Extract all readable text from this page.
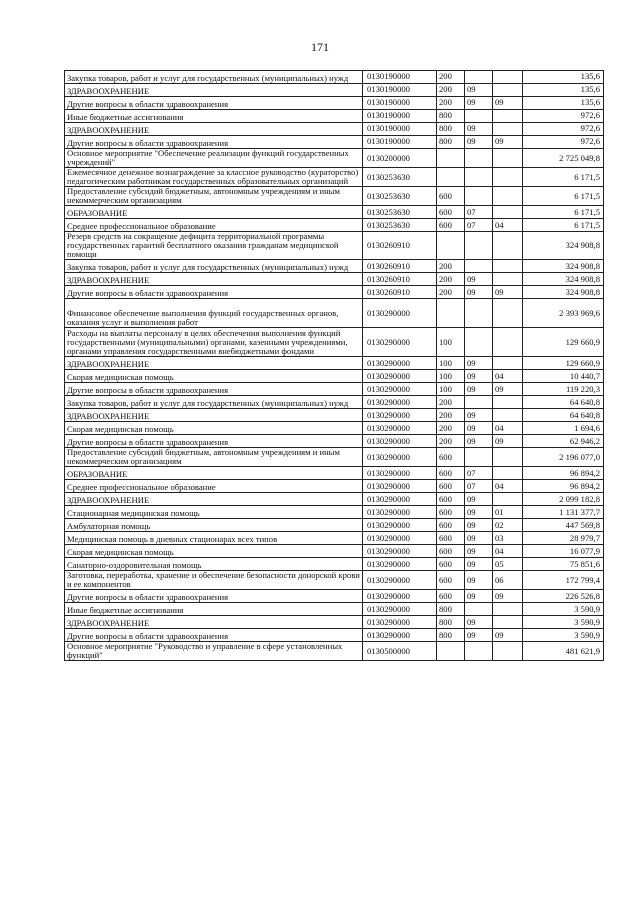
171
Закупка товаров, работ и услуг для государственных (муниципальных) нужд	0130190000	200			135,6
ЗДРАВООХРАНЕНИЕ	0130190000	200	09		135,6
Другие вопросы в области здравоохранения	0130190000	200	09	09	135,6
Иные бюджетные ассигнования	0130190000	800			972,6
ЗДРАВООХРАНЕНИЕ	0130190000	800	09		972,6
Другие вопросы в области здравоохранения	0130190000	800	09	09	972,6
Основное мероприятие "Обеспечение реализации функций государственных учреждений"	0130200000				2 725 049,8
Ежемесячное денежное вознаграждение за классное руководство (кураторство) педагогическим работникам государственных образовательных организаций	0130253630				6 171,5
Предоставление субсидий бюджетным, автономным учреждениям и иным некоммерческим организациям	0130253630	600			6 171,5
ОБРАЗОВАНИЕ	0130253630	600	07		6 171,5
Среднее профессиональное образование	0130253630	600	07	04	6 171,5
Резерв средств на сокращение дефицита территориальной программы государственных гарантий бесплатного оказания гражданам медицинской помощи	0130260910				324 908,8
Закупка товаров, работ и услуг для государственных (муниципальных) нужд	0130260910	200			324 908,8
ЗДРАВООХРАНЕНИЕ	0130260910	200	09		324 908,8
Другие вопросы в области здравоохранения	0130260910	200	09	09	324 908,8
Финансовое обеспечение выполнения функций государственных органов, оказания услуг и выполнения работ	0130290000				2 393 969,6
Расходы на выплаты персоналу в целях обеспечения выполнения функций государственными (муниципальными) органами, казенными учреждениями, органами управления государственными внебюджетными фондами	0130290000	100			129 660,9
ЗДРАВООХРАНЕНИЕ	0130290000	100	09		129 660,9
Скорая медицинская помощь	0130290000	100	09	04	10 440,7
Другие вопросы в области здравоохранения	0130290000	100	09	09	119 220,3
Закупка товаров, работ и услуг для государственных (муниципальных) нужд	0130290000	200			64 640,8
ЗДРАВООХРАНЕНИЕ	0130290000	200	09		64 640,8
Скорая медицинская помощь	0130290000	200	09	04	1 694,6
Другие вопросы в области здравоохранения	0130290000	200	09	09	62 946,2
Предоставление субсидий бюджетным, автономным учреждениям и иным некоммерческим организациям	0130290000	600			2 196 077,0
ОБРАЗОВАНИЕ	0130290000	600	07		96 894,2
Среднее профессиональное образование	0130290000	600	07	04	96 894,2
ЗДРАВООХРАНЕНИЕ	0130290000	600	09		2 099 182,8
Стационарная медицинская помощь	0130290000	600	09	01	1 131 377,7
Амбулаторная помощь	0130290000	600	09	02	447 569,8
Медицинская помощь в дневных стационарах всех типов	0130290000	600	09	03	28 979,7
Скорая медицинская помощь	0130290000	600	09	04	16 077,9
Санаторно-оздоровительная помощь	0130290000	600	09	05	75 851,6
Заготовка, переработка, хранение и обеспечение безопасности донорской крови и ее компонентов	0130290000	600	09	06	172 799,4
Другие вопросы в области здравоохранения	0130290000	600	09	09	226 526,8
Иные бюджетные ассигнования	0130290000	800			3 590,9
ЗДРАВООХРАНЕНИЕ	0130290000	800	09		3 590,9
Другие вопросы в области здравоохранения	0130290000	800	09	09	3 590,9
Основное мероприятие "Руководство и управление в сфере установленных функций"	0130500000				481 621,9
